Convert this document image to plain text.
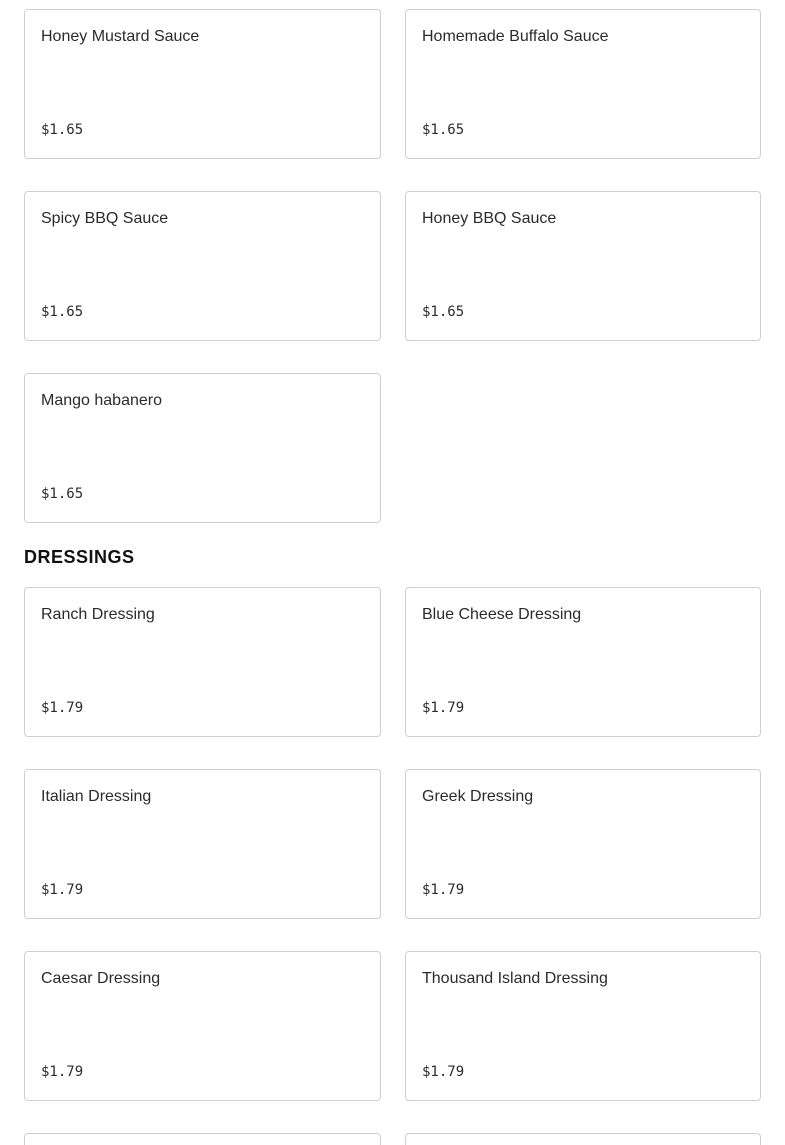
Honey Mustard Sauce
$1.65
Homemade Buffalo Sauce
$1.65
Spicy BBQ Sauce
$1.65
Honey BBQ Sauce
$1.65
Mango habanero
$1.65
DRESSINGS
Ranch Dressing
$1.79
Blue Cheese Dressing
$1.79
Italian Dressing
$1.79
Greek Dressing
$1.79
Caesar Dressing
$1.79
Thousand Island Dressing
$1.79
